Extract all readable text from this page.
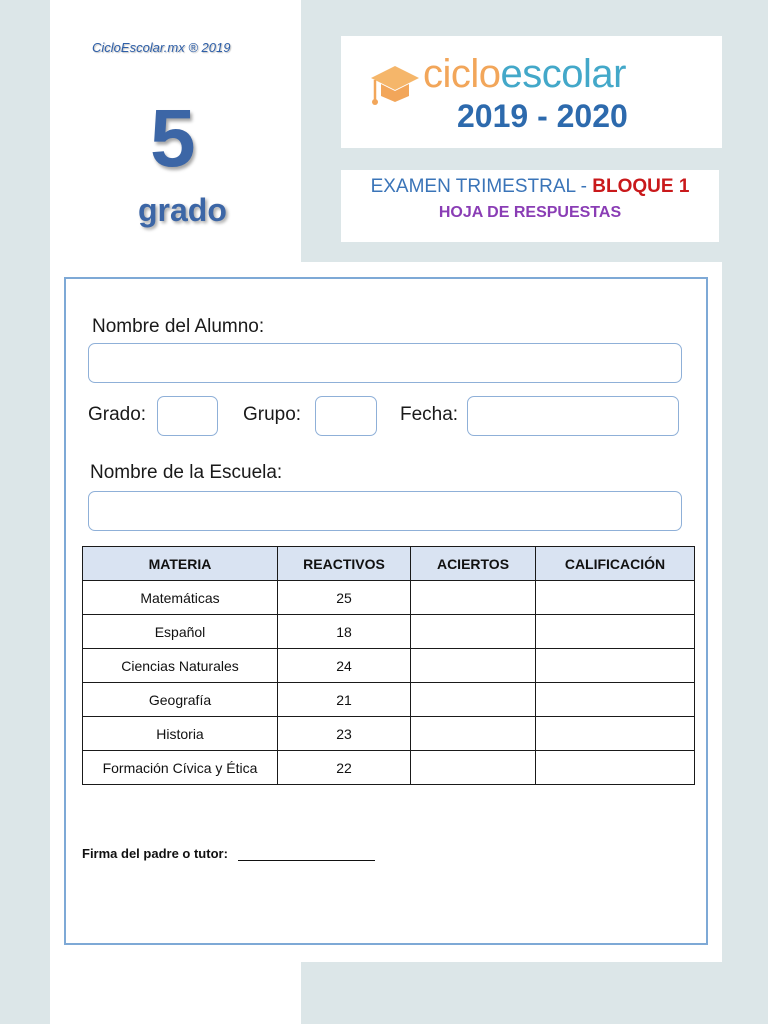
CicloEscolar.mx ® 2019
5
grado
cicloescolar
2019 - 2020
EXAMEN TRIMESTRAL - BLOQUE 1
HOJA DE RESPUESTAS
Nombre del Alumno:
Grado:	Grupo:	Fecha:
Nombre de la Escuela:
MATERIA	REACTIVOS	ACIERTOS	CALIFICACIÓN
Matemáticas	25		
Español	18		
Ciencias Naturales	24		
Geografía	21		
Historia	23		
Formación Cívica y Ética	22		
Firma del padre o tutor:
